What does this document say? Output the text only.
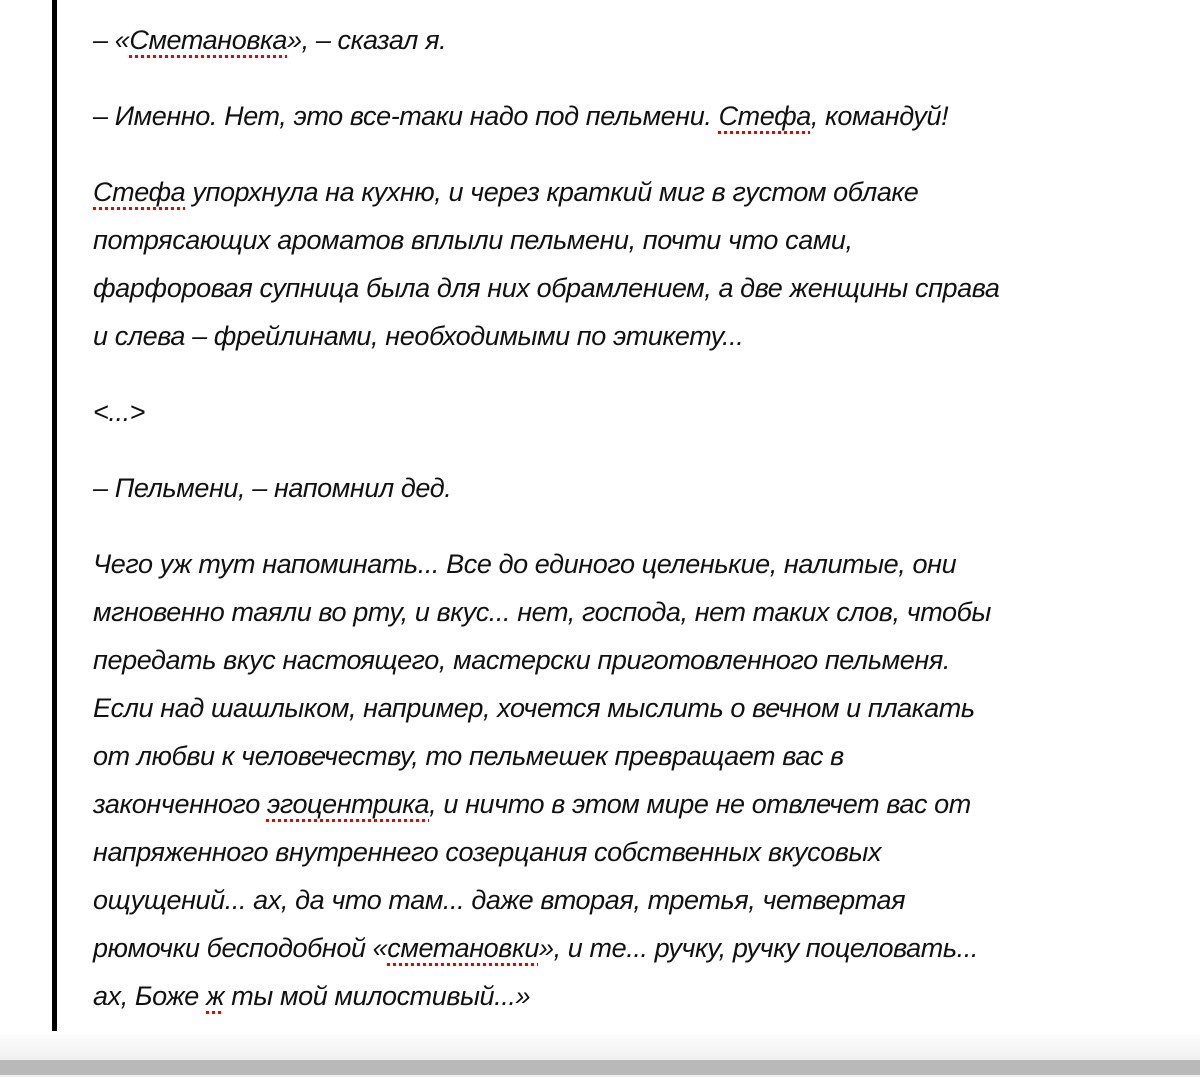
– «Сметановка», – сказал я.

– Именно. Нет, это все-таки надо под пельмени. Стефа, командуй!

Стефа упорхнула на кухню, и через краткий миг в густом облаке
потрясающих ароматов вплыли пельмени, почти что сами,
фарфоровая супница была для них обрамлением, а две женщины справа
и слева – фрейлинами, необходимыми по этикету...

<...>

– Пельмени, – напомнил дед.

Чего уж тут напоминать... Все до единого целенькие, налитые, они
мгновенно таяли во рту, и вкус... нет, господа, нет таких слов, чтобы
передать вкус настоящего, мастерски приготовленного пельменя.
Если над шашлыком, например, хочется мыслить о вечном и плакать
от любви к человечеству, то пельмешек превращает вас в
законченного эгоцентрика, и ничто в этом мире не отвлечет вас от
напряженного внутреннего созерцания собственных вкусовых
ощущений... ах, да что там... даже вторая, третья, четвертая
рюмочки бесподобной «сметановки», и те... ручку, ручку поцеловать...
ах, Боже ж ты мой милостивый...»
